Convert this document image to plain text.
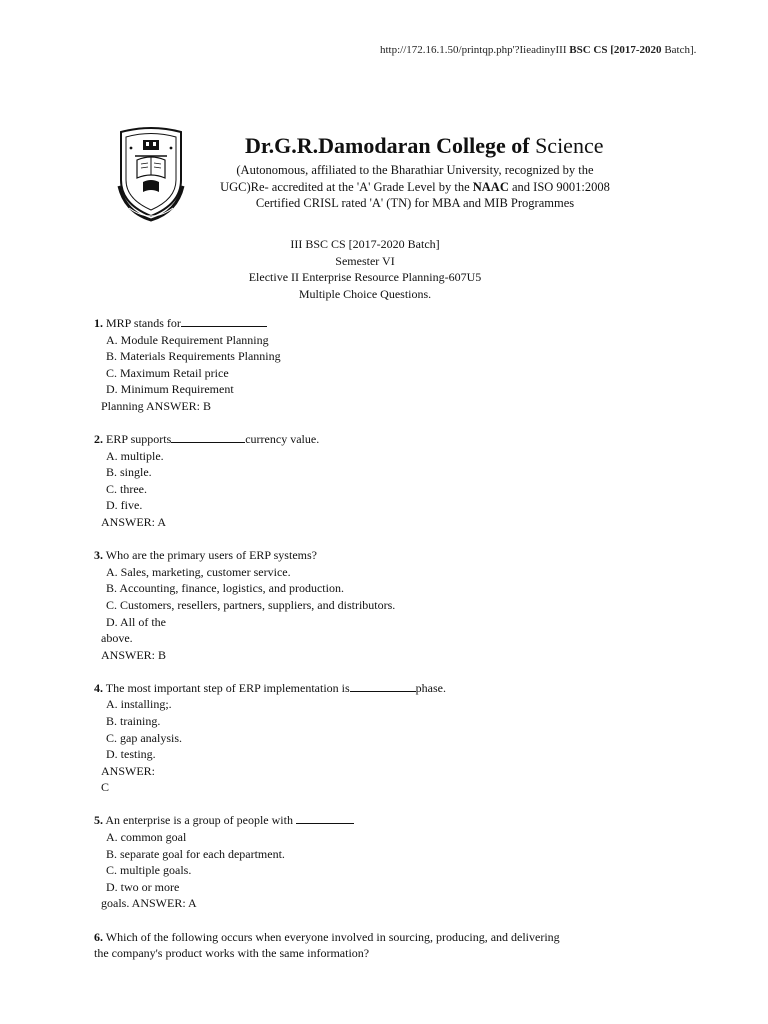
http://172.16.1.50/printqp.php'?IieadinyIII BSC CS [2017-2020 Batch].
Dr.G.R.Damodaran College of Science
(Autonomous, affiliated to the Bharathiar University, recognized by the
UGC)Re- accredited at the 'A' Grade Level by the NAAC and ISO 9001:2008
Certified CRISL rated 'A' (TN) for MBA and MIB Programmes
III BSC CS [2017-2020 Batch]
Semester VI
Elective II Enterprise Resource Planning-607U5
Multiple Choice Questions.
1. MRP stands for
A. Module Requirement Planning
B. Materials Requirements Planning
C. Maximum Retail price
D. Minimum Requirement
Planning ANSWER: B
2. ERP supports	currency value.
A. multiple.
B. single.
C. three.
D. five.
ANSWER: A
3. Who are the primary users of ERP systems?
A. Sales, marketing, customer service.
B. Accounting, finance, logistics, and production.
C. Customers, resellers, partners, suppliers, and distributors.
D. All of the
above.
ANSWER: B
4. The most important step of ERP implementation is	phase.
A. installing;.
B. training.
C. gap analysis.
D. testing.
ANSWER:
C
5. An enterprise is a group of people with
A. common goal
B. separate goal for each department.
C. multiple goals.
D. two or more
goals. ANSWER: A
6. Which of the following occurs when everyone involved in sourcing, producing, and delivering
the company's product works with the same information?
